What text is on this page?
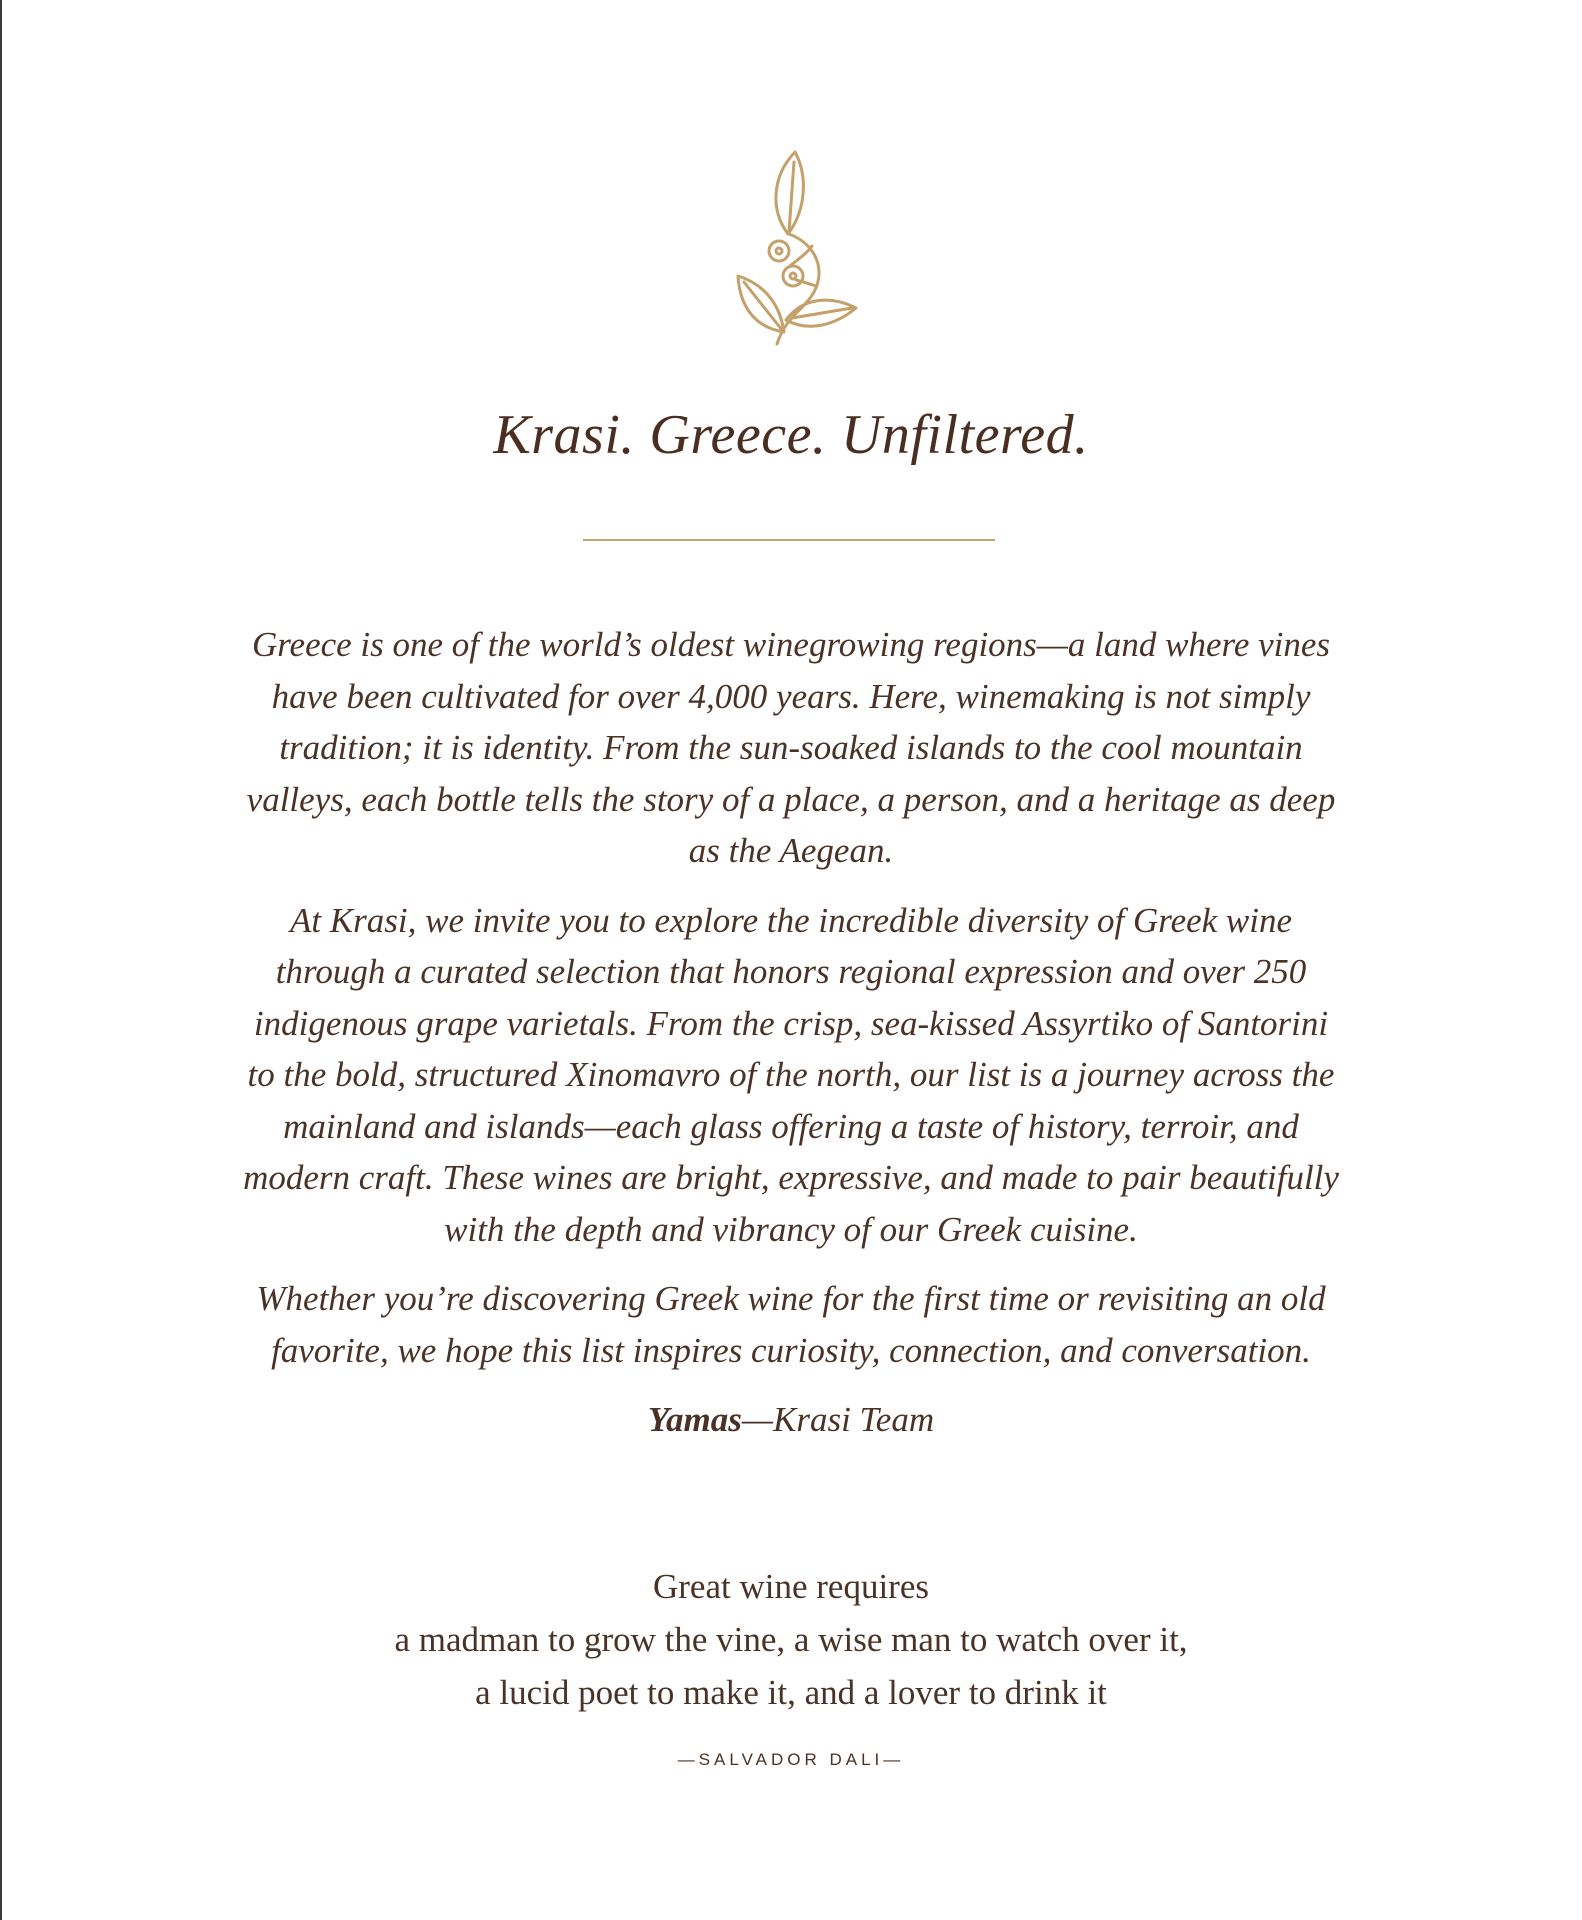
Krasi. Greece. Unfiltered.

Greece is one of the world’s oldest winegrowing regions—a land where vines have been cultivated for over 4,000 years. Here, winemaking is not simply tradition; it is identity. From the sun-soaked islands to the cool mountain valleys, each bottle tells the story of a place, a person, and a heritage as deep as the Aegean.

At Krasi, we invite you to explore the incredible diversity of Greek wine through a curated selection that honors regional expression and over 250 indigenous grape varietals. From the crisp, sea-kissed Assyrtiko of Santorini to the bold, structured Xinomavro of the north, our list is a journey across the mainland and islands—each glass offering a taste of history, terroir, and modern craft. These wines are bright, expressive, and made to pair beautifully with the depth and vibrancy of our Greek cuisine.

Whether you’re discovering Greek wine for the first time or revisiting an old favorite, we hope this list inspires curiosity, connection, and conversation.

Yamas—Krasi Team
Great wine requires
a madman to grow the vine, a wise man to watch over it,
a lucid poet to make it, and a lover to drink it
—SALVADOR DALI—
